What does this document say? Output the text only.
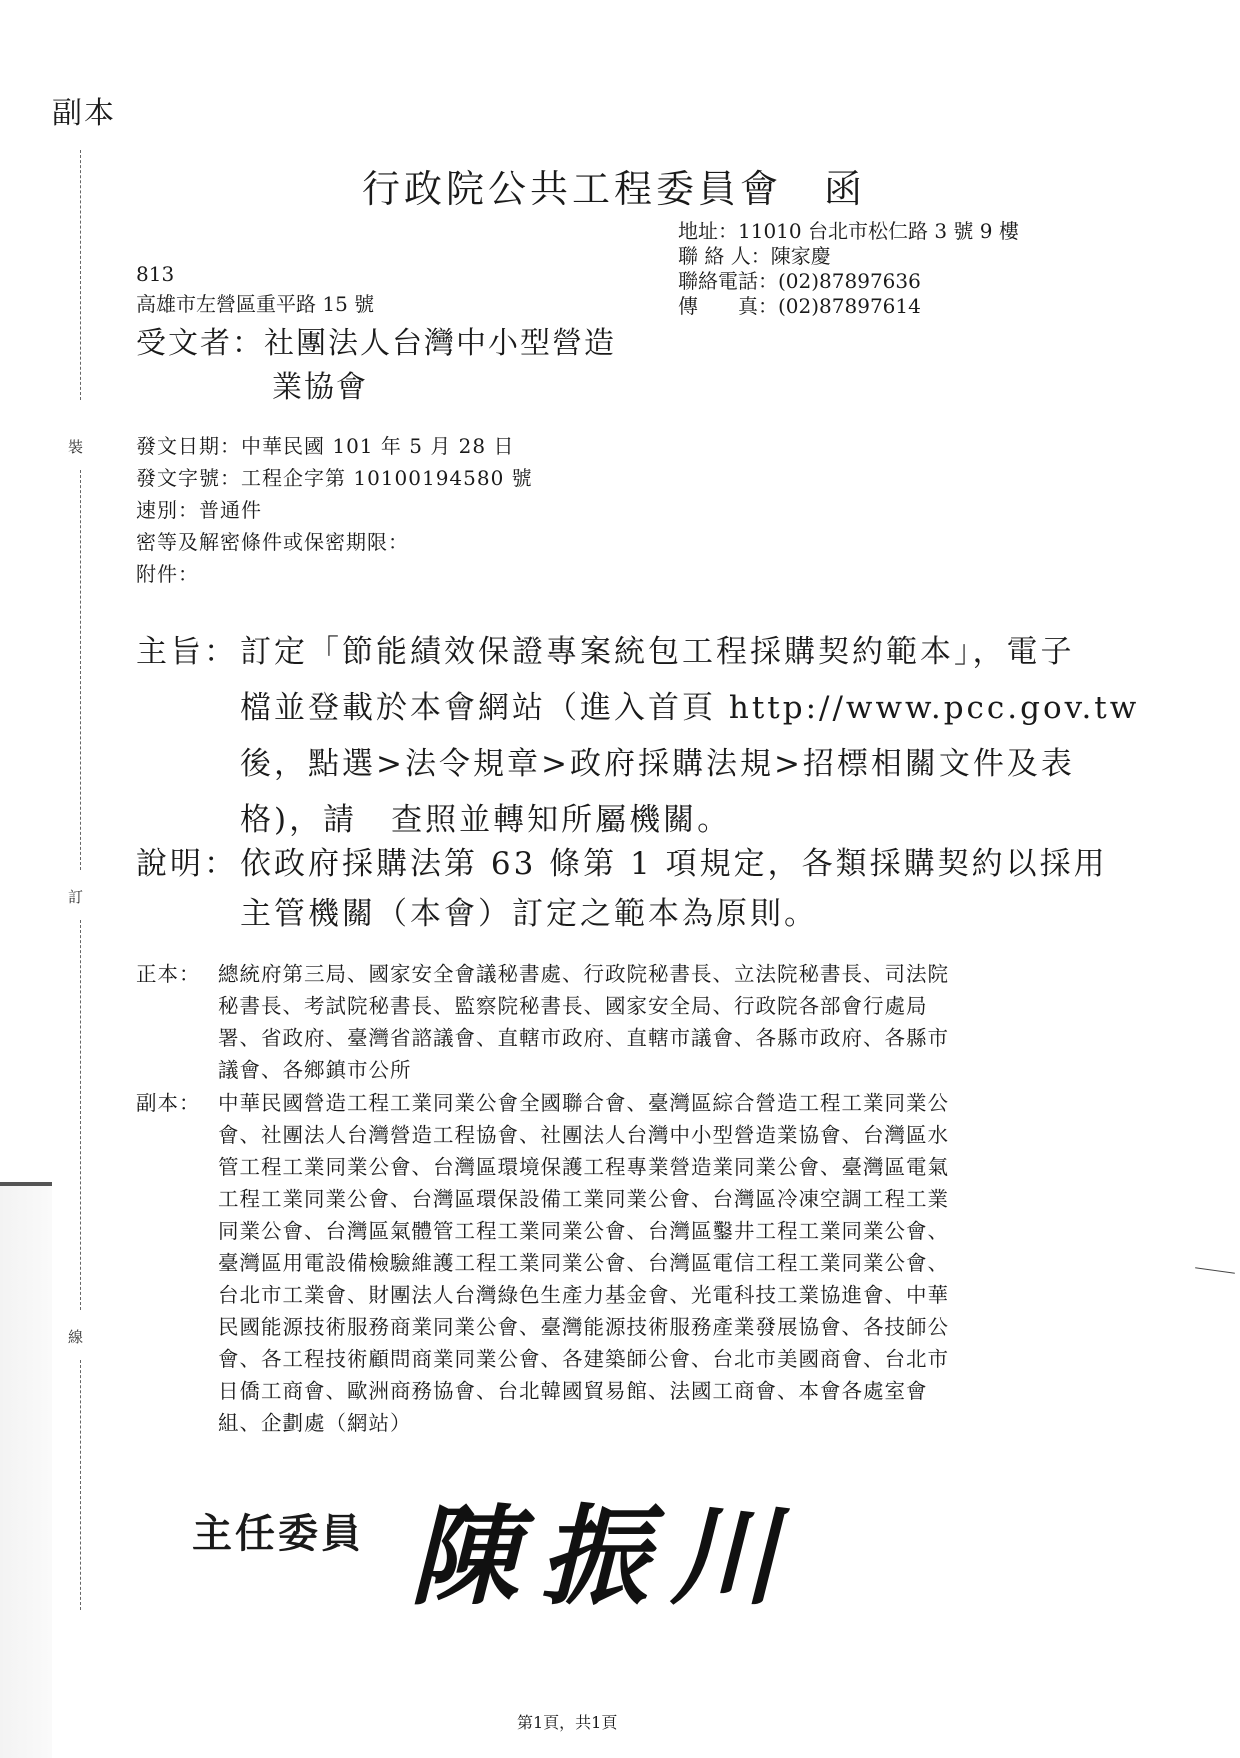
副本
裝
訂
線
行政院公共工程委員會　函
地址：11010 台北市松仁路 3 號 9 樓
聯 絡 人：陳家慶
聯絡電話：(02)87897636
傳　　真：(02)87897614
813
高雄市左營區重平路 15 號
受文者：社團法人台灣中小型營造
業協會
發文日期：中華民國 101 年 5 月 28 日
發文字號：工程企字第 10100194580 號
速別：普通件
密等及解密條件或保密期限：
附件：
主旨： 訂定「節能績效保證專案統包工程採購契約範本」，電子
檔並登載於本會網站（進入首頁 http://www.pcc.gov.tw
後，點選>法令規章>政府採購法規>招標相關文件及表
格)，請　查照並轉知所屬機關。
說明： 依政府採購法第 63 條第 1 項規定，各類採購契約以採用
主管機關（本會）訂定之範本為原則。
正本： 總統府第三局、國家安全會議秘書處、行政院秘書長、立法院秘書長、司法院
秘書長、考試院秘書長、監察院秘書長、國家安全局、行政院各部會行處局
署、省政府、臺灣省諮議會、直轄市政府、直轄市議會、各縣市政府、各縣市
議會、各鄉鎮市公所
副本： 中華民國營造工程工業同業公會全國聯合會、臺灣區綜合營造工程工業同業公
會、社團法人台灣營造工程協會、社團法人台灣中小型營造業協會、台灣區水
管工程工業同業公會、台灣區環境保護工程專業營造業同業公會、臺灣區電氣
工程工業同業公會、台灣區環保設備工業同業公會、台灣區冷凍空調工程工業
同業公會、台灣區氣體管工程工業同業公會、台灣區鑿井工程工業同業公會、
臺灣區用電設備檢驗維護工程工業同業公會、台灣區電信工程工業同業公會、
台北市工業會、財團法人台灣綠色生產力基金會、光電科技工業協進會、中華
民國能源技術服務商業同業公會、臺灣能源技術服務產業發展協會、各技師公
會、各工程技術顧問商業同業公會、各建築師公會、台北市美國商會、台北市
日僑工商會、歐洲商務協會、台北韓國貿易館、法國工商會、本會各處室會
組、企劃處（網站）
主任委員 陳振川
第1頁，共1頁
